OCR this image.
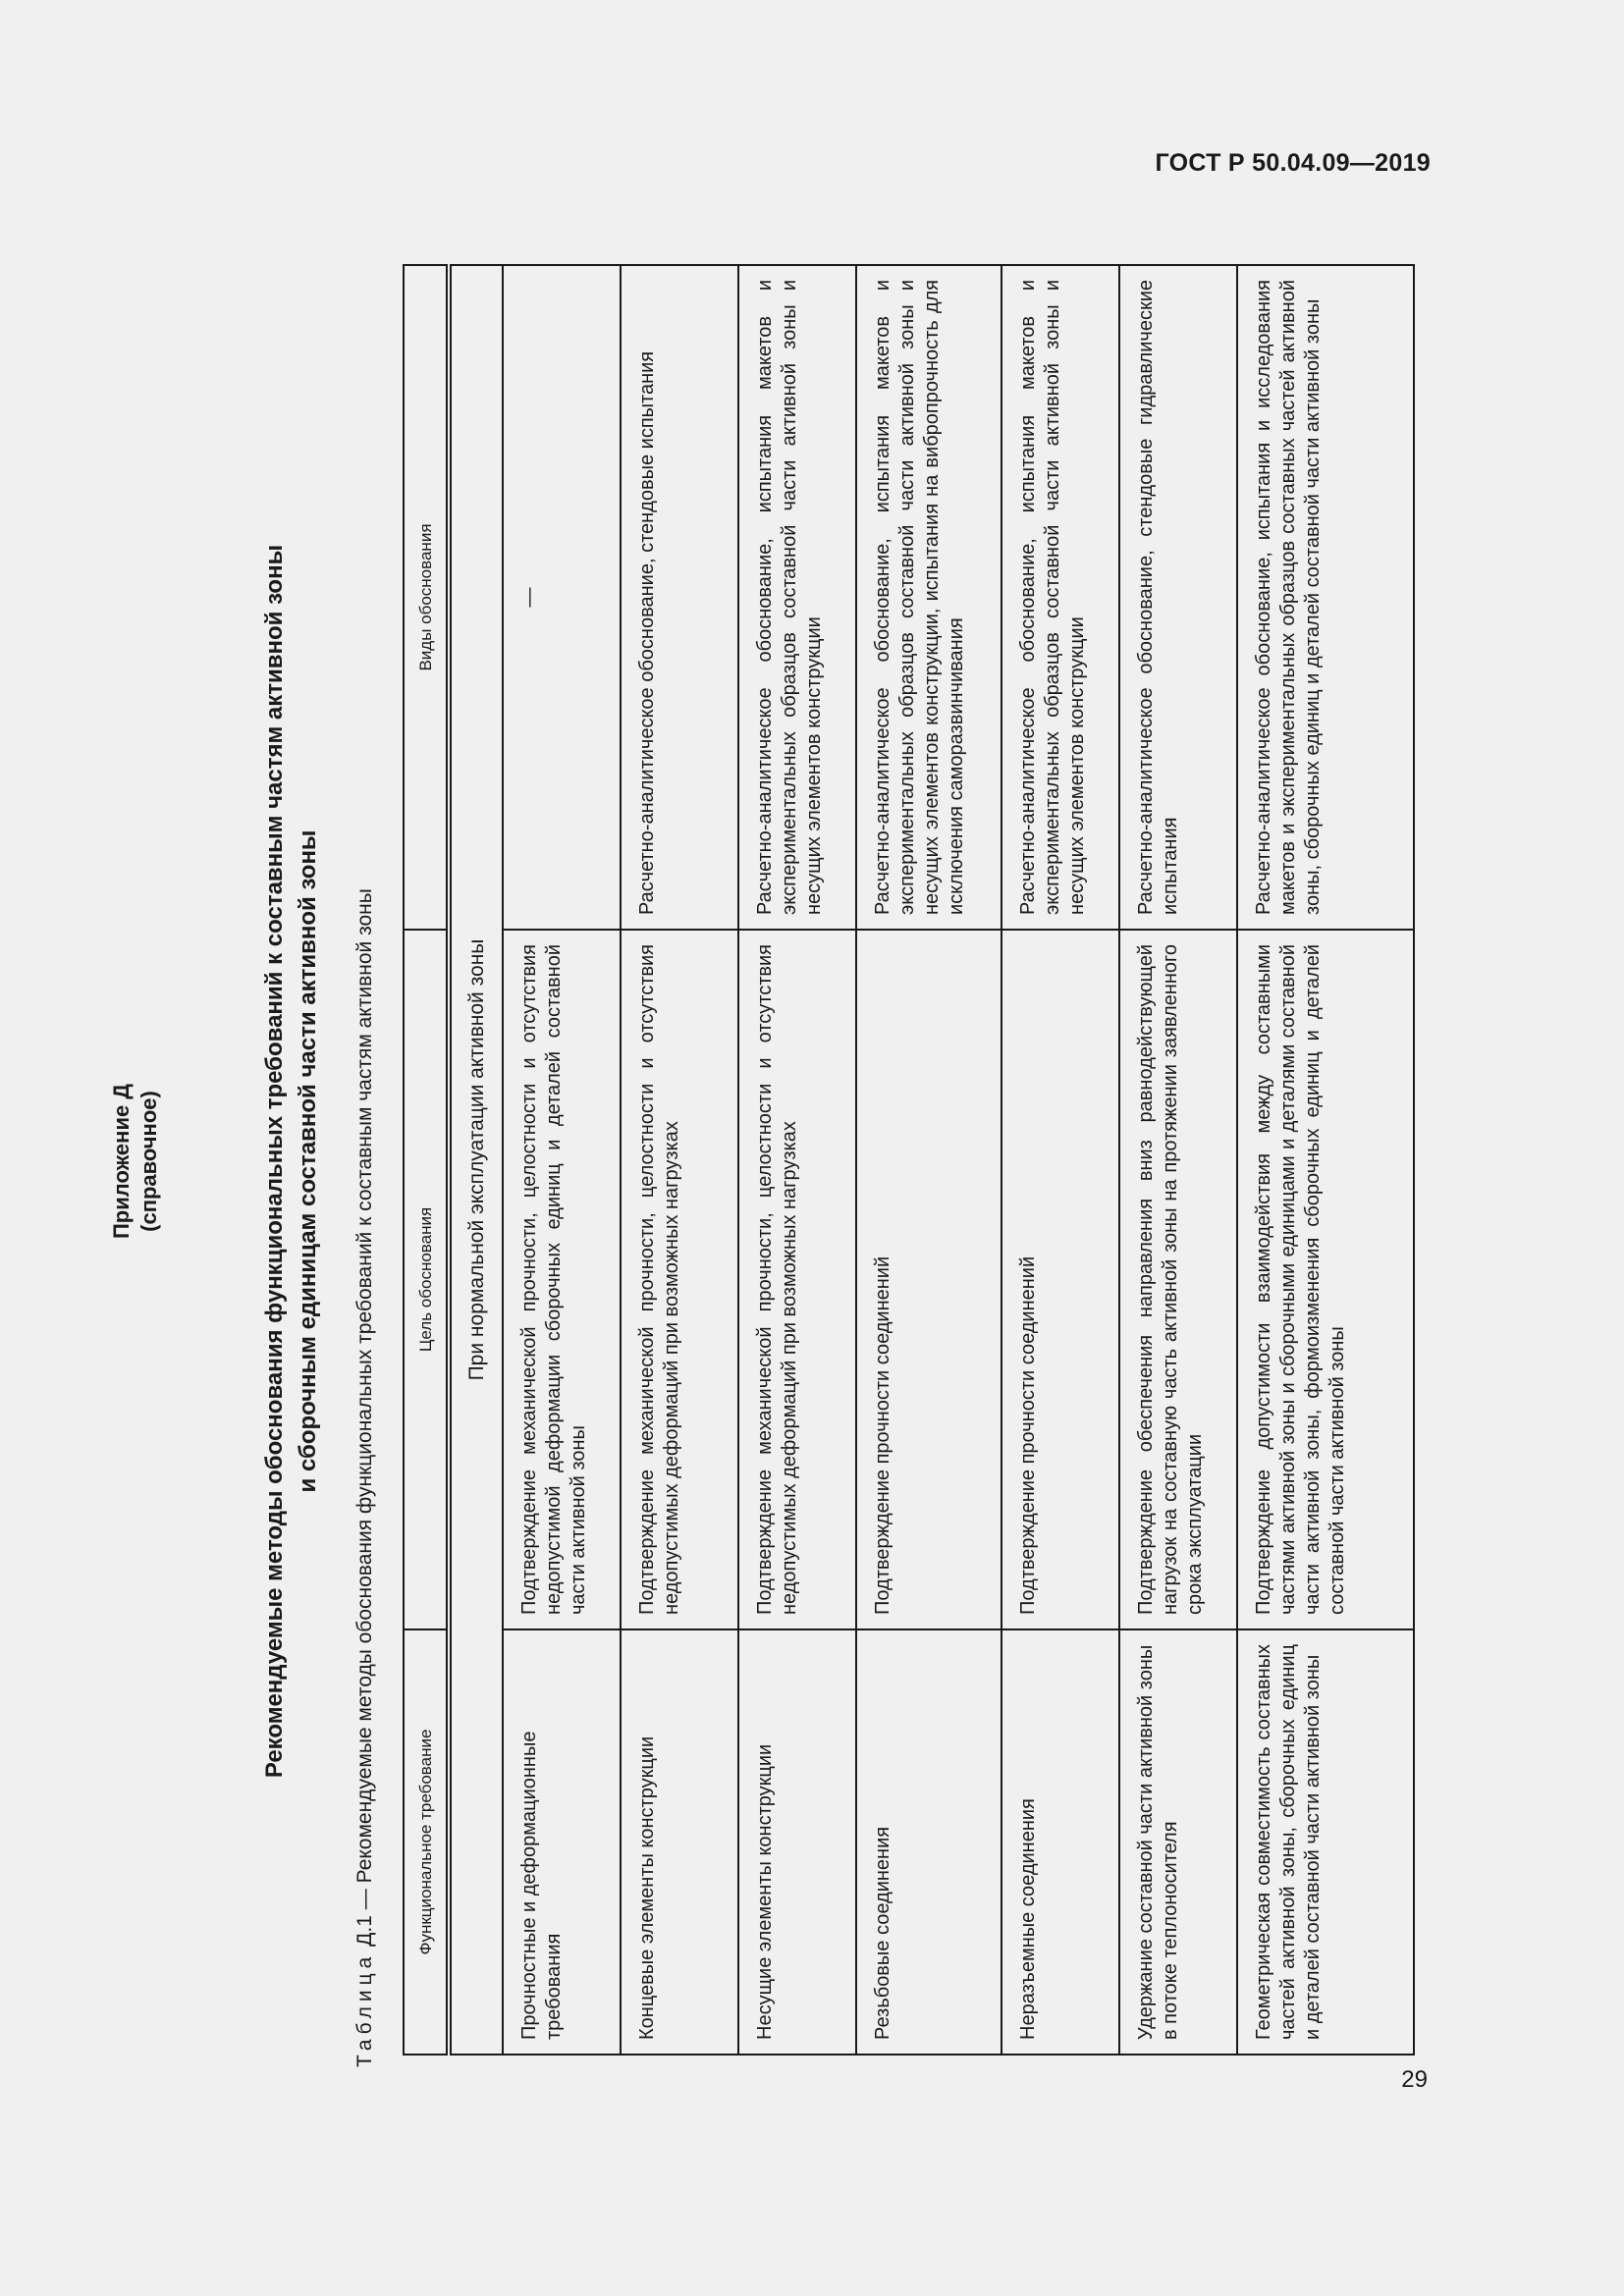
ГОСТ Р 50.04.09—2019
Приложение Д (справочное)	Рекомендуемые методы обоснования функциональных требований к составным частям активной зоны и сборочным единицам составной части активной зоны
Таблица Д.1 — Рекомендуемые методы обоснования функциональных требований к составным частям активной зоны Функциональное требование	Цель обоснования	Виды обоснования
При нормальной эксплуатации активной зоны		
Прочностные и деформационные требования	Подтверждение механической прочности, целостности и отсутствия недопустимой деформации сборочных единиц и деталей составной части активной зоны	—

Концевые элементы конструкции	Подтверждение механической прочности, целостности и отсутствия недопустимых деформаций при возможных нагрузках	Расчетно-аналитическое обоснование, стендовые испытания
Несущие элементы конструкции	Подтверждение механической прочности, целостности и отсутствия недопустимых деформаций при возможных нагрузках	Расчетно-аналитическое обоснование, испытания макетов и экспериментальных образцов составной части активной зоны и несущих элементов конструкции
Резьбовые соединения	Подтверждение прочности соединений	Расчетно-аналитическое обоснование, испытания макетов и экспериментальных образцов составной части активной зоны и несущих элементов конструкции, испытания на вибропрочность для исключения саморазвинчивания
Неразъемные соединения	Подтверждение прочности соединений	Расчетно-аналитическое обоснование, испытания макетов и экспериментальных образцов составной части активной зоны и несущих элементов конструкции
Удержание составной части активной зоны в потоке теплоносителя	Подтверждение обеспечения направления вниз равнодействующей нагрузок на составную часть активной зоны на протяжении заявленного срока эксплуатации	Расчетно-аналитическое обоснование, стендовые гидравлические испытания
Геометрическая совместимость составных частей активной зоны, сборочных единиц и деталей составной части активной зоны	Подтверждение допустимости взаимодействия между составными частями активной зоны и сборочными единицами и деталями составной части активной зоны, формоизменения сборочных единиц и деталей составной части активной зоны	Расчетно-аналитическое обоснование, испытания и исследования макетов и экспериментальных образцов составных частей активной зоны, сборочных единиц и деталей составной части активной зоны
29
